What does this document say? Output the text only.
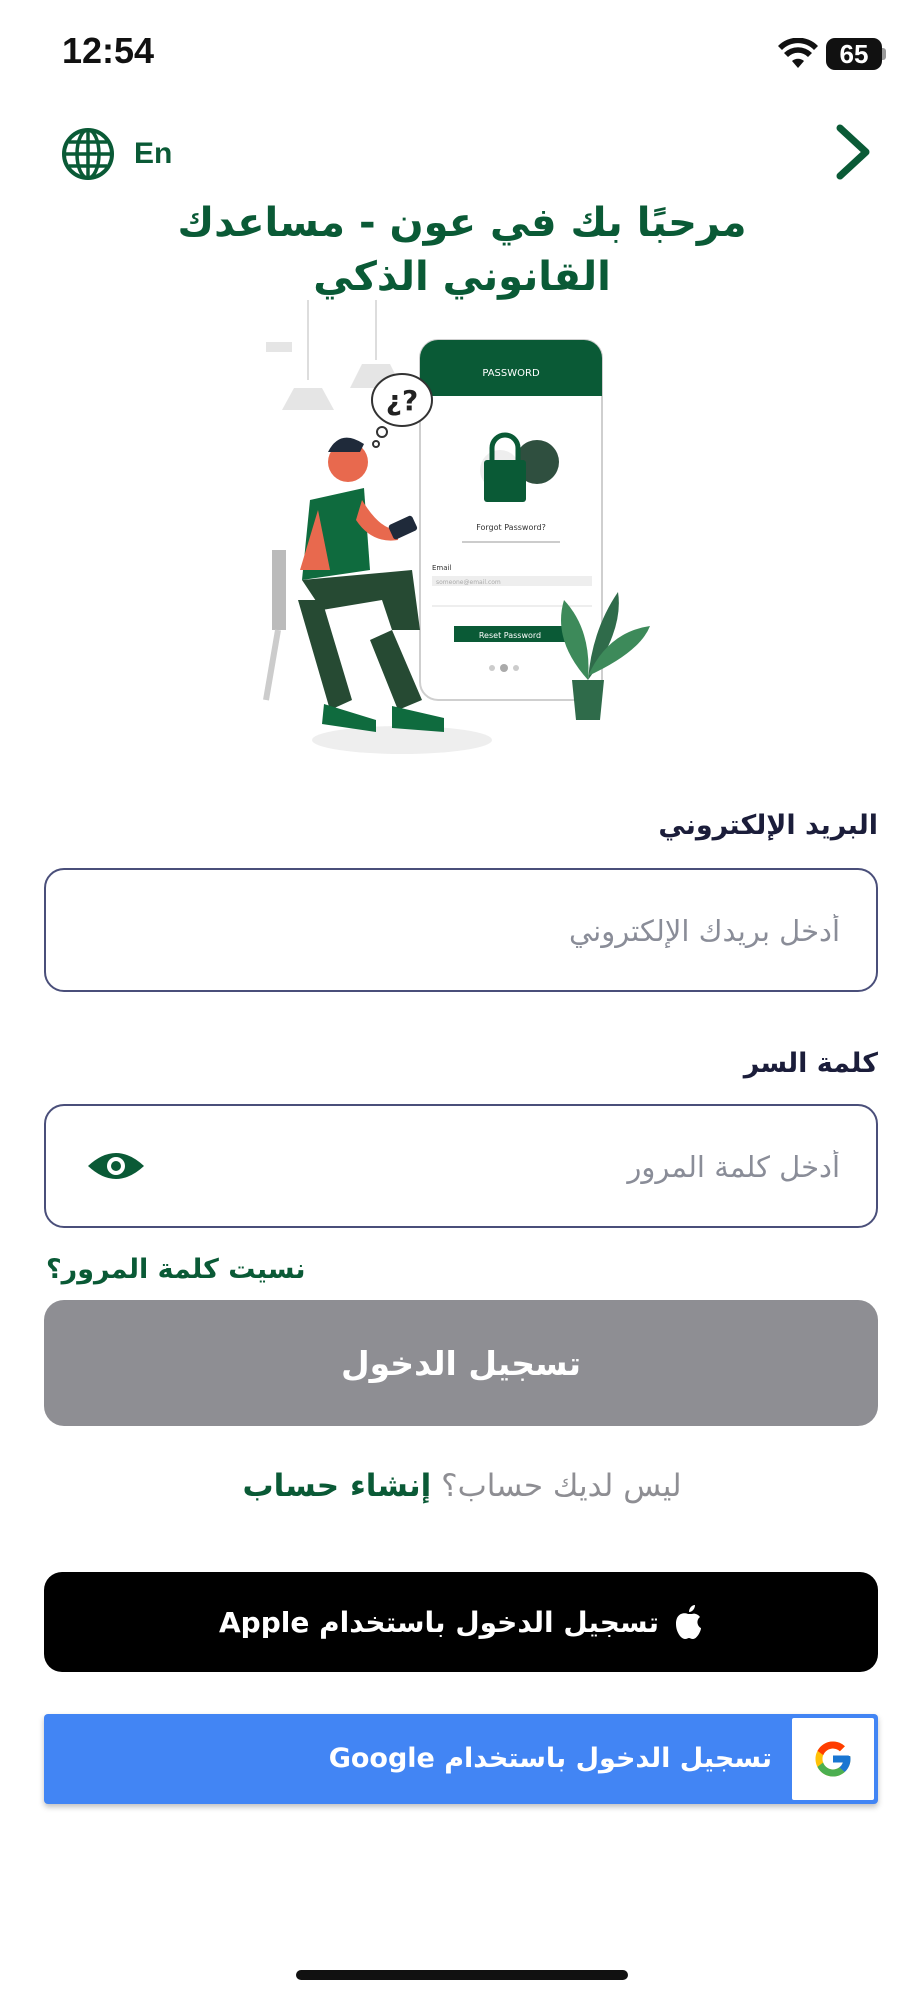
12:54	65
En
مرحبًا بك في عون - مساعدك القانوني الذكي
PASSWORD
Forgot Password?
Email
someone@email.com
Reset Password
¿?
البريد الإلكتروني
أدخل بريدك الإلكتروني
كلمة السر
نسيت كلمة المرور؟
تسجيل الدخول
ليس لديك حساب؟ إنشاء حساب
تسجيل الدخول باستخدام Apple
تسجيل الدخول باستخدام Google
